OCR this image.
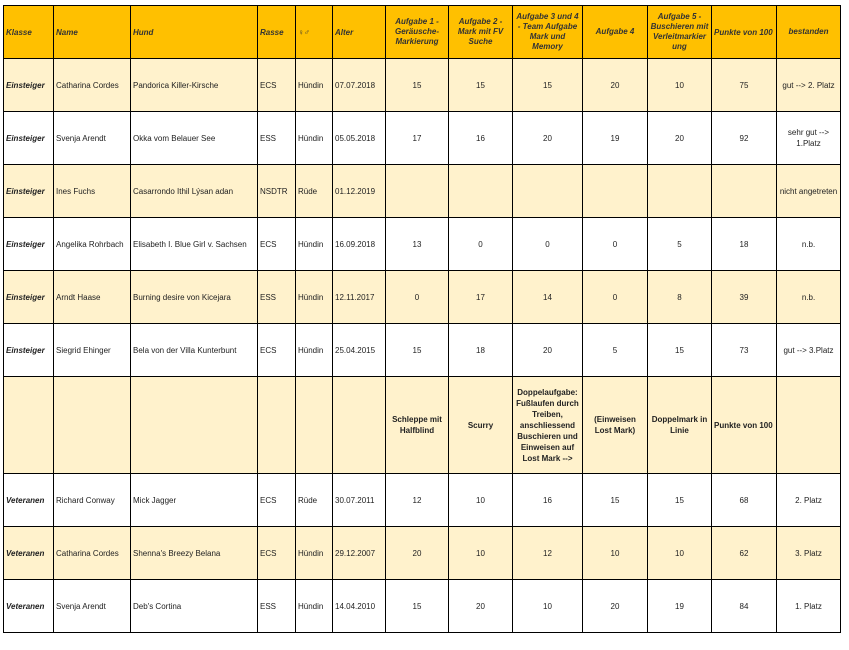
Klasse	Name	Hund	Rasse	♀♂	Alter	Aufgabe 1 - Geräusche-Markierung	Aufgabe 2 - Mark mit FV Suche	Aufgabe 3 und 4 - Team Aufgabe Mark und Memory	Aufgabe 4	Aufgabe 5 - Buschieren mit Verleitmarkier ung	Punkte von 100	bestanden
Einsteiger	Catharina Cordes	Pandorica Killer-Kirsche	ECS	Hündin	07.07.2018	15	15	15	20	10	75	gut --> 2. Platz
Einsteiger	Svenja Arendt	Okka vom Belauer See	ESS	Hündin	05.05.2018	17	16	20	19	20	92	sehr gut --> 1.Platz
Einsteiger	Ines Fuchs	Casarrondo Ithil Lýsan adan	NSDTR	Rüde	01.12.2019							nicht angetreten
Einsteiger	Angelika Rohrbach	Elisabeth I. Blue Girl v. Sachsen	ECS	Hündin	16.09.2018	13	0	0	0	5	18	n.b.
Einsteiger	Arndt Haase	Burning desire von Kicejara	ESS	Hündin	12.11.2017	0	17	14	0	8	39	n.b.
Einsteiger	Siegrid Ehinger	Bela von der Villa Kunterbunt	ECS	Hündin	25.04.2015	15	18	20	5	15	73	gut --> 3.Platz
						Schleppe mit Halfblind	Scurry	Doppelaufgabe: Fußlaufen durch Treiben, anschliessend Buschieren und Einweisen auf Lost Mark -->	(Einweisen Lost Mark)	Doppelmark in Linie	Punkte von 100	
Veteranen	Richard Conway	Mick Jagger	ECS	Rüde	30.07.2011	12	10	16	15	15	68	2. Platz
Veteranen	Catharina Cordes	Shenna's Breezy Belana	ECS	Hündin	29.12.2007	20	10	12	10	10	62	3. Platz
Veteranen	Svenja Arendt	Deb's Cortina	ESS	Hündin	14.04.2010	15	20	10	20	19	84	1. Platz
